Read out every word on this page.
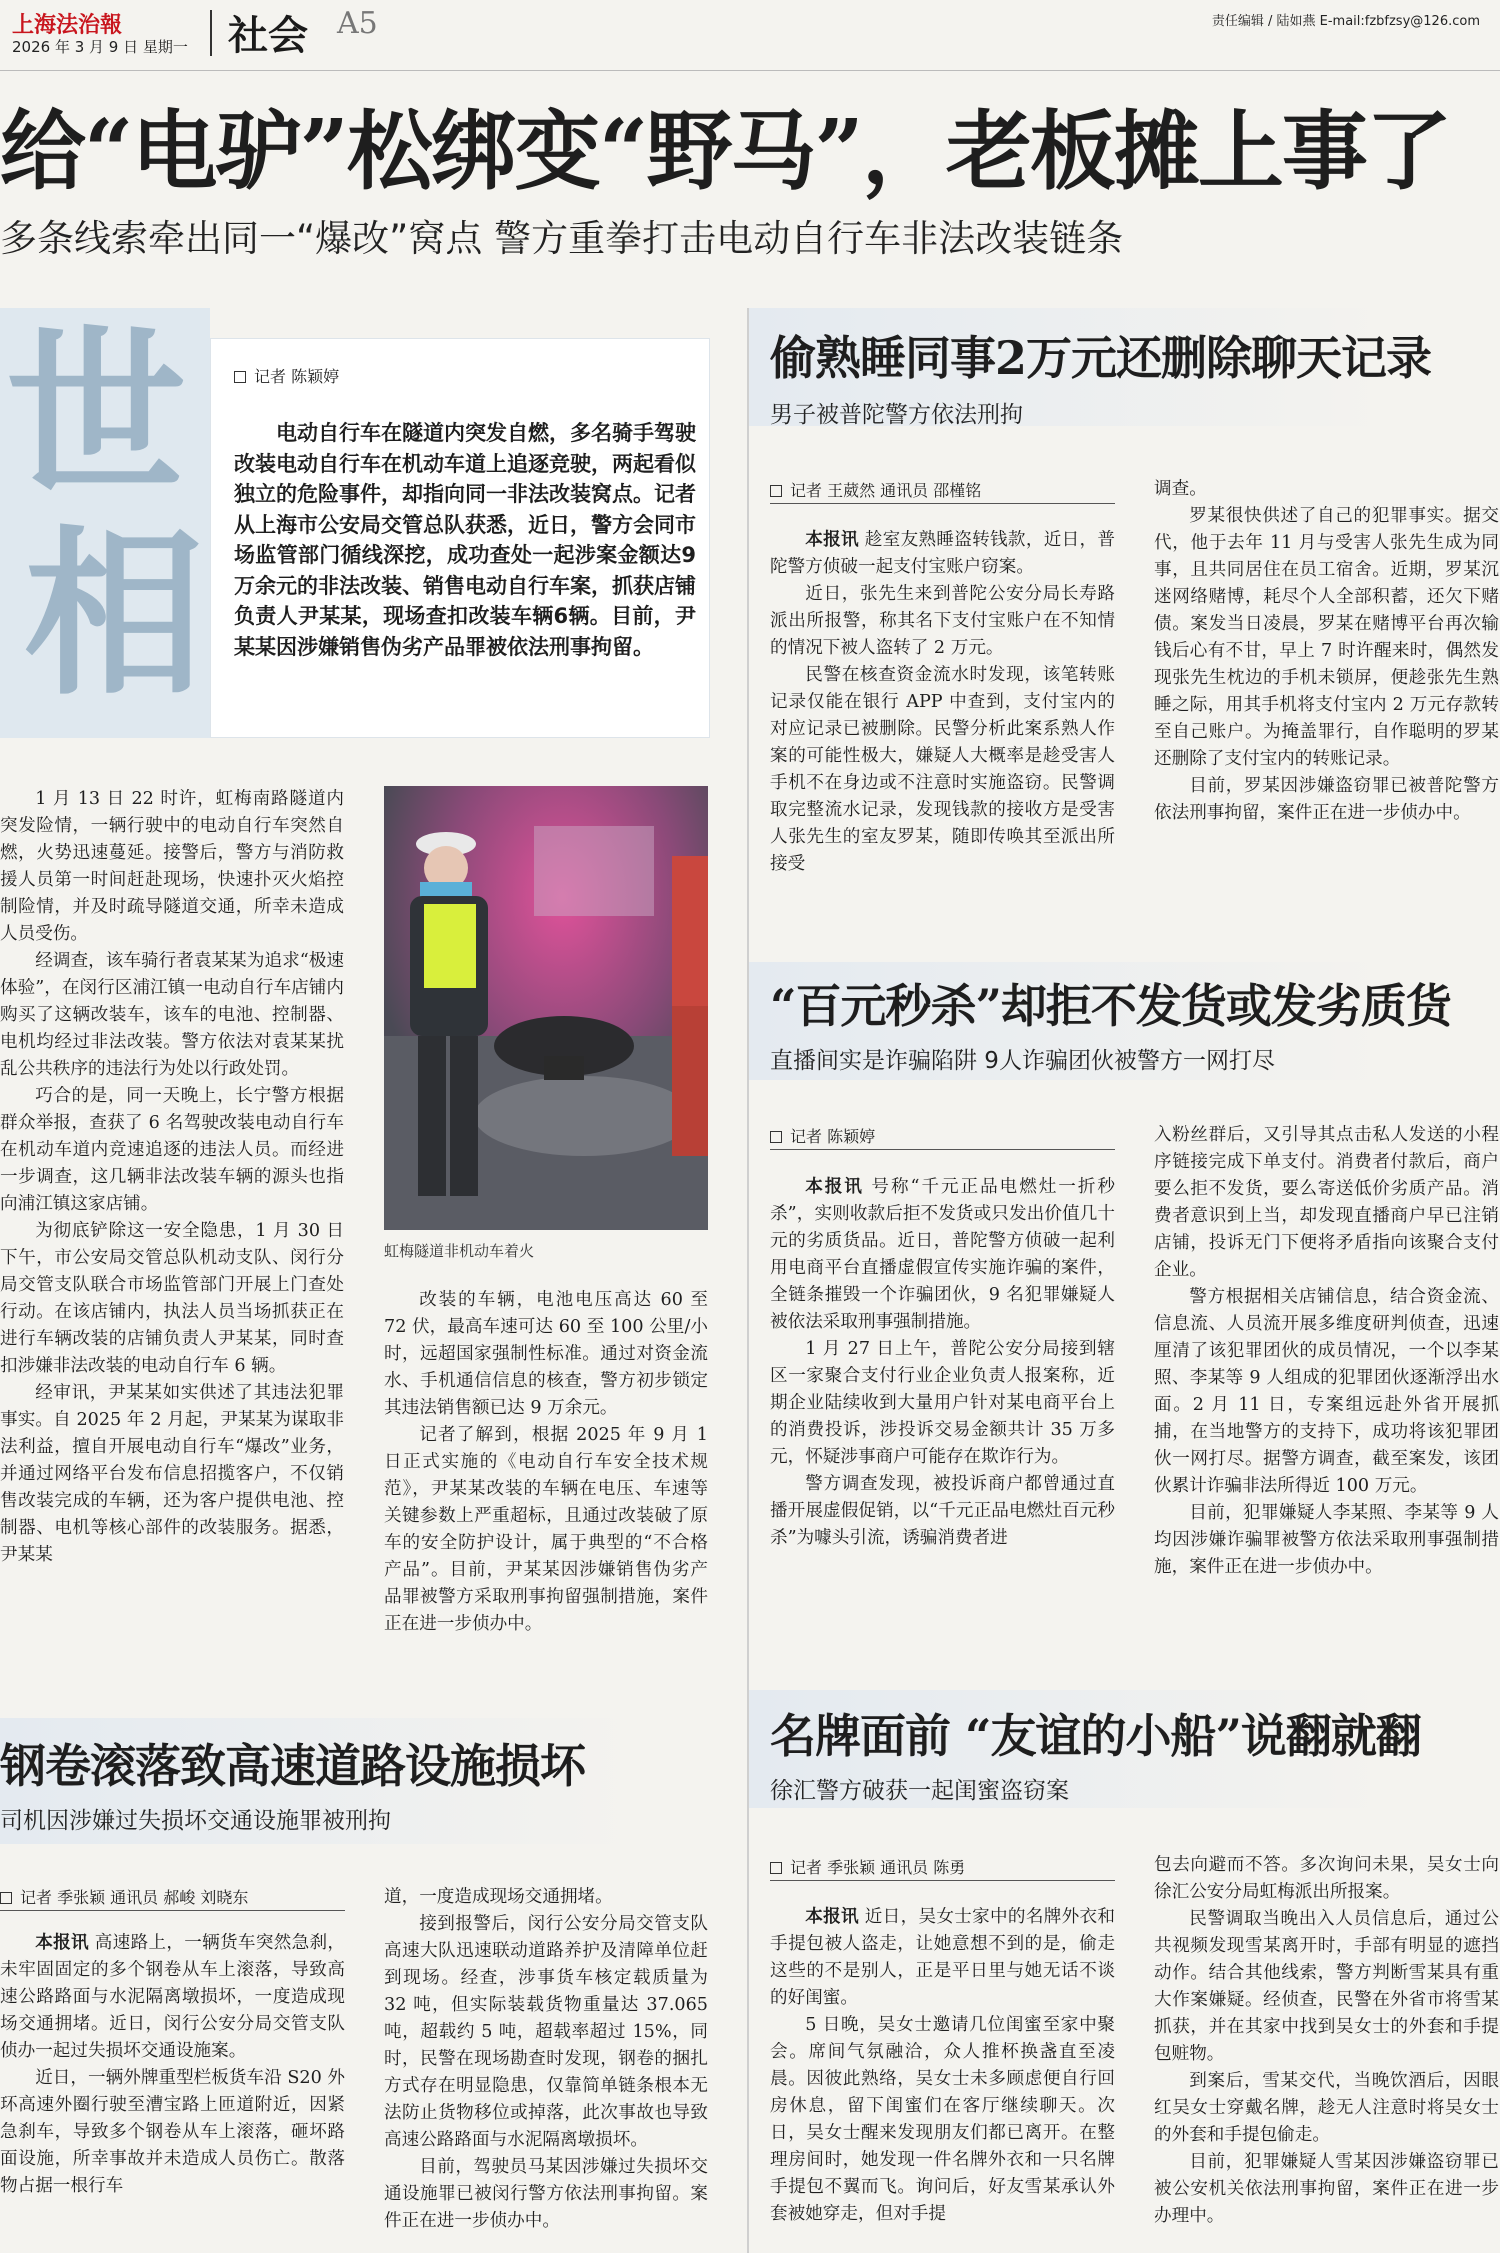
上海法治報
2026 年 3 月 9 日 星期一 社会 A5	责任编辑 / 陆如燕 E-mail:fzbfzsy@126.com
给“电驴”松绑变“野马”，老板摊上事了
多条线索牵出同一“爆改”窝点 警方重拳打击电动自行车非法改装链条
世
相
记者 陈颖婷
电动自行车在隧道内突发自燃，多名骑手驾驶改装电动自行车在机动车道上追逐竞驶，两起看似独立的危险事件，却指向同一非法改装窝点。记者从上海市公安局交管总队获悉，近日，警方会同市场监管部门循线深挖，成功查处一起涉案金额达9万余元的非法改装、销售电动自行车案，抓获店铺负责人尹某某，现场查扣改装车辆6辆。目前，尹某某因涉嫌销售伪劣产品罪被依法刑事拘留。

1 月 13 日 22 时许，虹梅南路隧道内突发险情，一辆行驶中的电动自行车突然自燃，火势迅速蔓延。接警后，警方与消防救援人员第一时间赶赴现场，快速扑灭火焰控制险情，并及时疏导隧道交通，所幸未造成人员受伤。

经调查，该车骑行者袁某某为追求“极速体验”，在闵行区浦江镇一电动自行车店铺内购买了这辆改装车，该车的电池、控制器、电机均经过非法改装。警方依法对袁某某扰乱公共秩序的违法行为处以行政处罚。

巧合的是，同一天晚上，长宁警方根据群众举报，查获了 6 名驾驶改装电动自行车在机动车道内竞速追逐的违法人员。而经进一步调查，这几辆非法改装车辆的源头也指向浦江镇这家店铺。

为彻底铲除这一安全隐患，1 月 30 日下午，市公安局交管总队机动支队、闵行分局交管支队联合市场监管部门开展上门查处行动。在该店铺内，执法人员当场抓获正在进行车辆改装的店铺负责人尹某某，同时查扣涉嫌非法改装的电动自行车 6 辆。

经审讯，尹某某如实供述了其违法犯罪事实。自 2025 年 2 月起，尹某某为谋取非法利益，擅自开展电动自行车“爆改”业务，并通过网络平台发布信息招揽客户，不仅销售改装完成的车辆，还为客户提供电池、控制器、电机等核心部件的改装服务。据悉，尹某某

虹梅隧道非机动车着火

改装的车辆，电池电压高达 60 至 72 伏，最高车速可达 60 至 100 公里/小时，远超国家强制性标准。通过对资金流水、手机通信信息的核查，警方初步锁定其违法销售额已达 9 万余元。

记者了解到，根据 2025 年 9 月 1 日正式实施的《电动自行车安全技术规范》，尹某某改装的车辆在电压、车速等关键参数上严重超标，且通过改装破了原车的安全防护设计，属于典型的“不合格产品”。目前，尹某某因涉嫌销售伪劣产品罪被警方采取刑事拘留强制措施，案件正在进一步侦办中。

钢卷滚落致高速道路设施损坏
司机因涉嫌过失损坏交通设施罪被刑拘
记者 季张颖 通讯员 郝峻 刘晓东

本报讯 高速路上，一辆货车突然急刹，未牢固固定的多个钢卷从车上滚落，导致高速公路路面与水泥隔离墩损坏，一度造成现场交通拥堵。近日，闵行公安分局交管支队侦办一起过失损坏交通设施案。

近日，一辆外牌重型栏板货车沿 S20 外环高速外圈行驶至漕宝路上匝道附近，因紧急刹车，导致多个钢卷从车上滚落，砸坏路面设施，所幸事故并未造成人员伤亡。散落物占据一根行车

道，一度造成现场交通拥堵。

接到报警后，闵行公安分局交管支队高速大队迅速联动道路养护及清障单位赶到现场。经查，涉事货车核定载质量为 32 吨，但实际装载货物重量达 37.065 吨，超载约 5 吨，超载率超过 15%，同时，民警在现场勘查时发现，钢卷的捆扎方式存在明显隐患，仅靠简单链条根本无法防止货物移位或掉落，此次事故也导致高速公路路面与水泥隔离墩损坏。

目前，驾驶员马某因涉嫌过失损坏交通设施罪已被闵行警方依法刑事拘留。案件正在进一步侦办中。

偷熟睡同事2万元还删除聊天记录
男子被普陀警方依法刑拘
记者 王葳然 通讯员 邵槿铭

本报讯 趁室友熟睡盗转钱款，近日，普陀警方侦破一起支付宝账户窃案。

近日，张先生来到普陀公安分局长寿路派出所报警，称其名下支付宝账户在不知情的情况下被人盗转了 2 万元。

民警在核查资金流水时发现，该笔转账记录仅能在银行 APP 中查到，支付宝内的对应记录已被删除。民警分析此案系熟人作案的可能性极大，嫌疑人大概率是趁受害人手机不在身边或不注意时实施盗窃。民警调取完整流水记录，发现钱款的接收方是受害人张先生的室友罗某，随即传唤其至派出所接受

调查。

罗某很快供述了自己的犯罪事实。据交代，他于去年 11 月与受害人张先生成为同事，且共同居住在员工宿舍。近期，罗某沉迷网络赌博，耗尽个人全部积蓄，还欠下赌债。案发当日凌晨，罗某在赌博平台再次输钱后心有不甘，早上 7 时许醒来时，偶然发现张先生枕边的手机未锁屏，便趁张先生熟睡之际，用其手机将支付宝内 2 万元存款转至自己账户。为掩盖罪行，自作聪明的罗某还删除了支付宝内的转账记录。

目前，罗某因涉嫌盗窃罪已被普陀警方依法刑事拘留，案件正在进一步侦办中。

“百元秒杀”却拒不发货或发劣质货
直播间实是诈骗陷阱 9人诈骗团伙被警方一网打尽
记者 陈颖婷

本报讯 号称“千元正品电燃灶一折秒杀”，实则收款后拒不发货或只发出价值几十元的劣质货品。近日，普陀警方侦破一起利用电商平台直播虚假宣传实施诈骗的案件，全链条摧毁一个诈骗团伙，9 名犯罪嫌疑人被依法采取刑事强制措施。

1 月 27 日上午，普陀公安分局接到辖区一家聚合支付行业企业负责人报案称，近期企业陆续收到大量用户针对某电商平台上的消费投诉，涉投诉交易金额共计 35 万多元，怀疑涉事商户可能存在欺诈行为。

警方调查发现，被投诉商户都曾通过直播开展虚假促销，以“千元正品电燃灶百元秒杀”为噱头引流，诱骗消费者进

入粉丝群后，又引导其点击私人发送的小程序链接完成下单支付。消费者付款后，商户要么拒不发货，要么寄送低价劣质产品。消费者意识到上当，却发现直播商户早已注销店铺，投诉无门下便将矛盾指向该聚合支付企业。

警方根据相关店铺信息，结合资金流、信息流、人员流开展多维度研判侦查，迅速厘清了该犯罪团伙的成员情况，一个以李某照、李某等 9 人组成的犯罪团伙逐渐浮出水面。2 月 11 日，专案组远赴外省开展抓捕，在当地警方的支持下，成功将该犯罪团伙一网打尽。据警方调查，截至案发，该团伙累计诈骗非法所得近 100 万元。

目前，犯罪嫌疑人李某照、李某等 9 人均因涉嫌诈骗罪被警方依法采取刑事强制措施，案件正在进一步侦办中。

名牌面前 “友谊的小船”说翻就翻
徐汇警方破获一起闺蜜盗窃案
记者 季张颖 通讯员 陈勇

本报讯 近日，吴女士家中的名牌外衣和手提包被人盗走，让她意想不到的是，偷走这些的不是别人，正是平日里与她无话不谈的好闺蜜。

5 日晚，吴女士邀请几位闺蜜至家中聚会。席间气氛融洽，众人推杯换盏直至凌晨。因彼此熟络，吴女士未多顾虑便自行回房休息，留下闺蜜们在客厅继续聊天。次日，吴女士醒来发现朋友们都已离开。在整理房间时，她发现一件名牌外衣和一只名牌手提包不翼而飞。询问后，好友雪某承认外套被她穿走，但对手提

包去向避而不答。多次询问未果，吴女士向徐汇公安分局虹梅派出所报案。

民警调取当晚出入人员信息后，通过公共视频发现雪某离开时，手部有明显的遮挡动作。结合其他线索，警方判断雪某具有重大作案嫌疑。经侦查，民警在外省市将雪某抓获，并在其家中找到吴女士的外套和手提包赃物。

到案后，雪某交代，当晚饮酒后，因眼红吴女士穿戴名牌，趁无人注意时将吴女士的外套和手提包偷走。

目前，犯罪嫌疑人雪某因涉嫌盗窃罪已被公安机关依法刑事拘留，案件正在进一步办理中。
